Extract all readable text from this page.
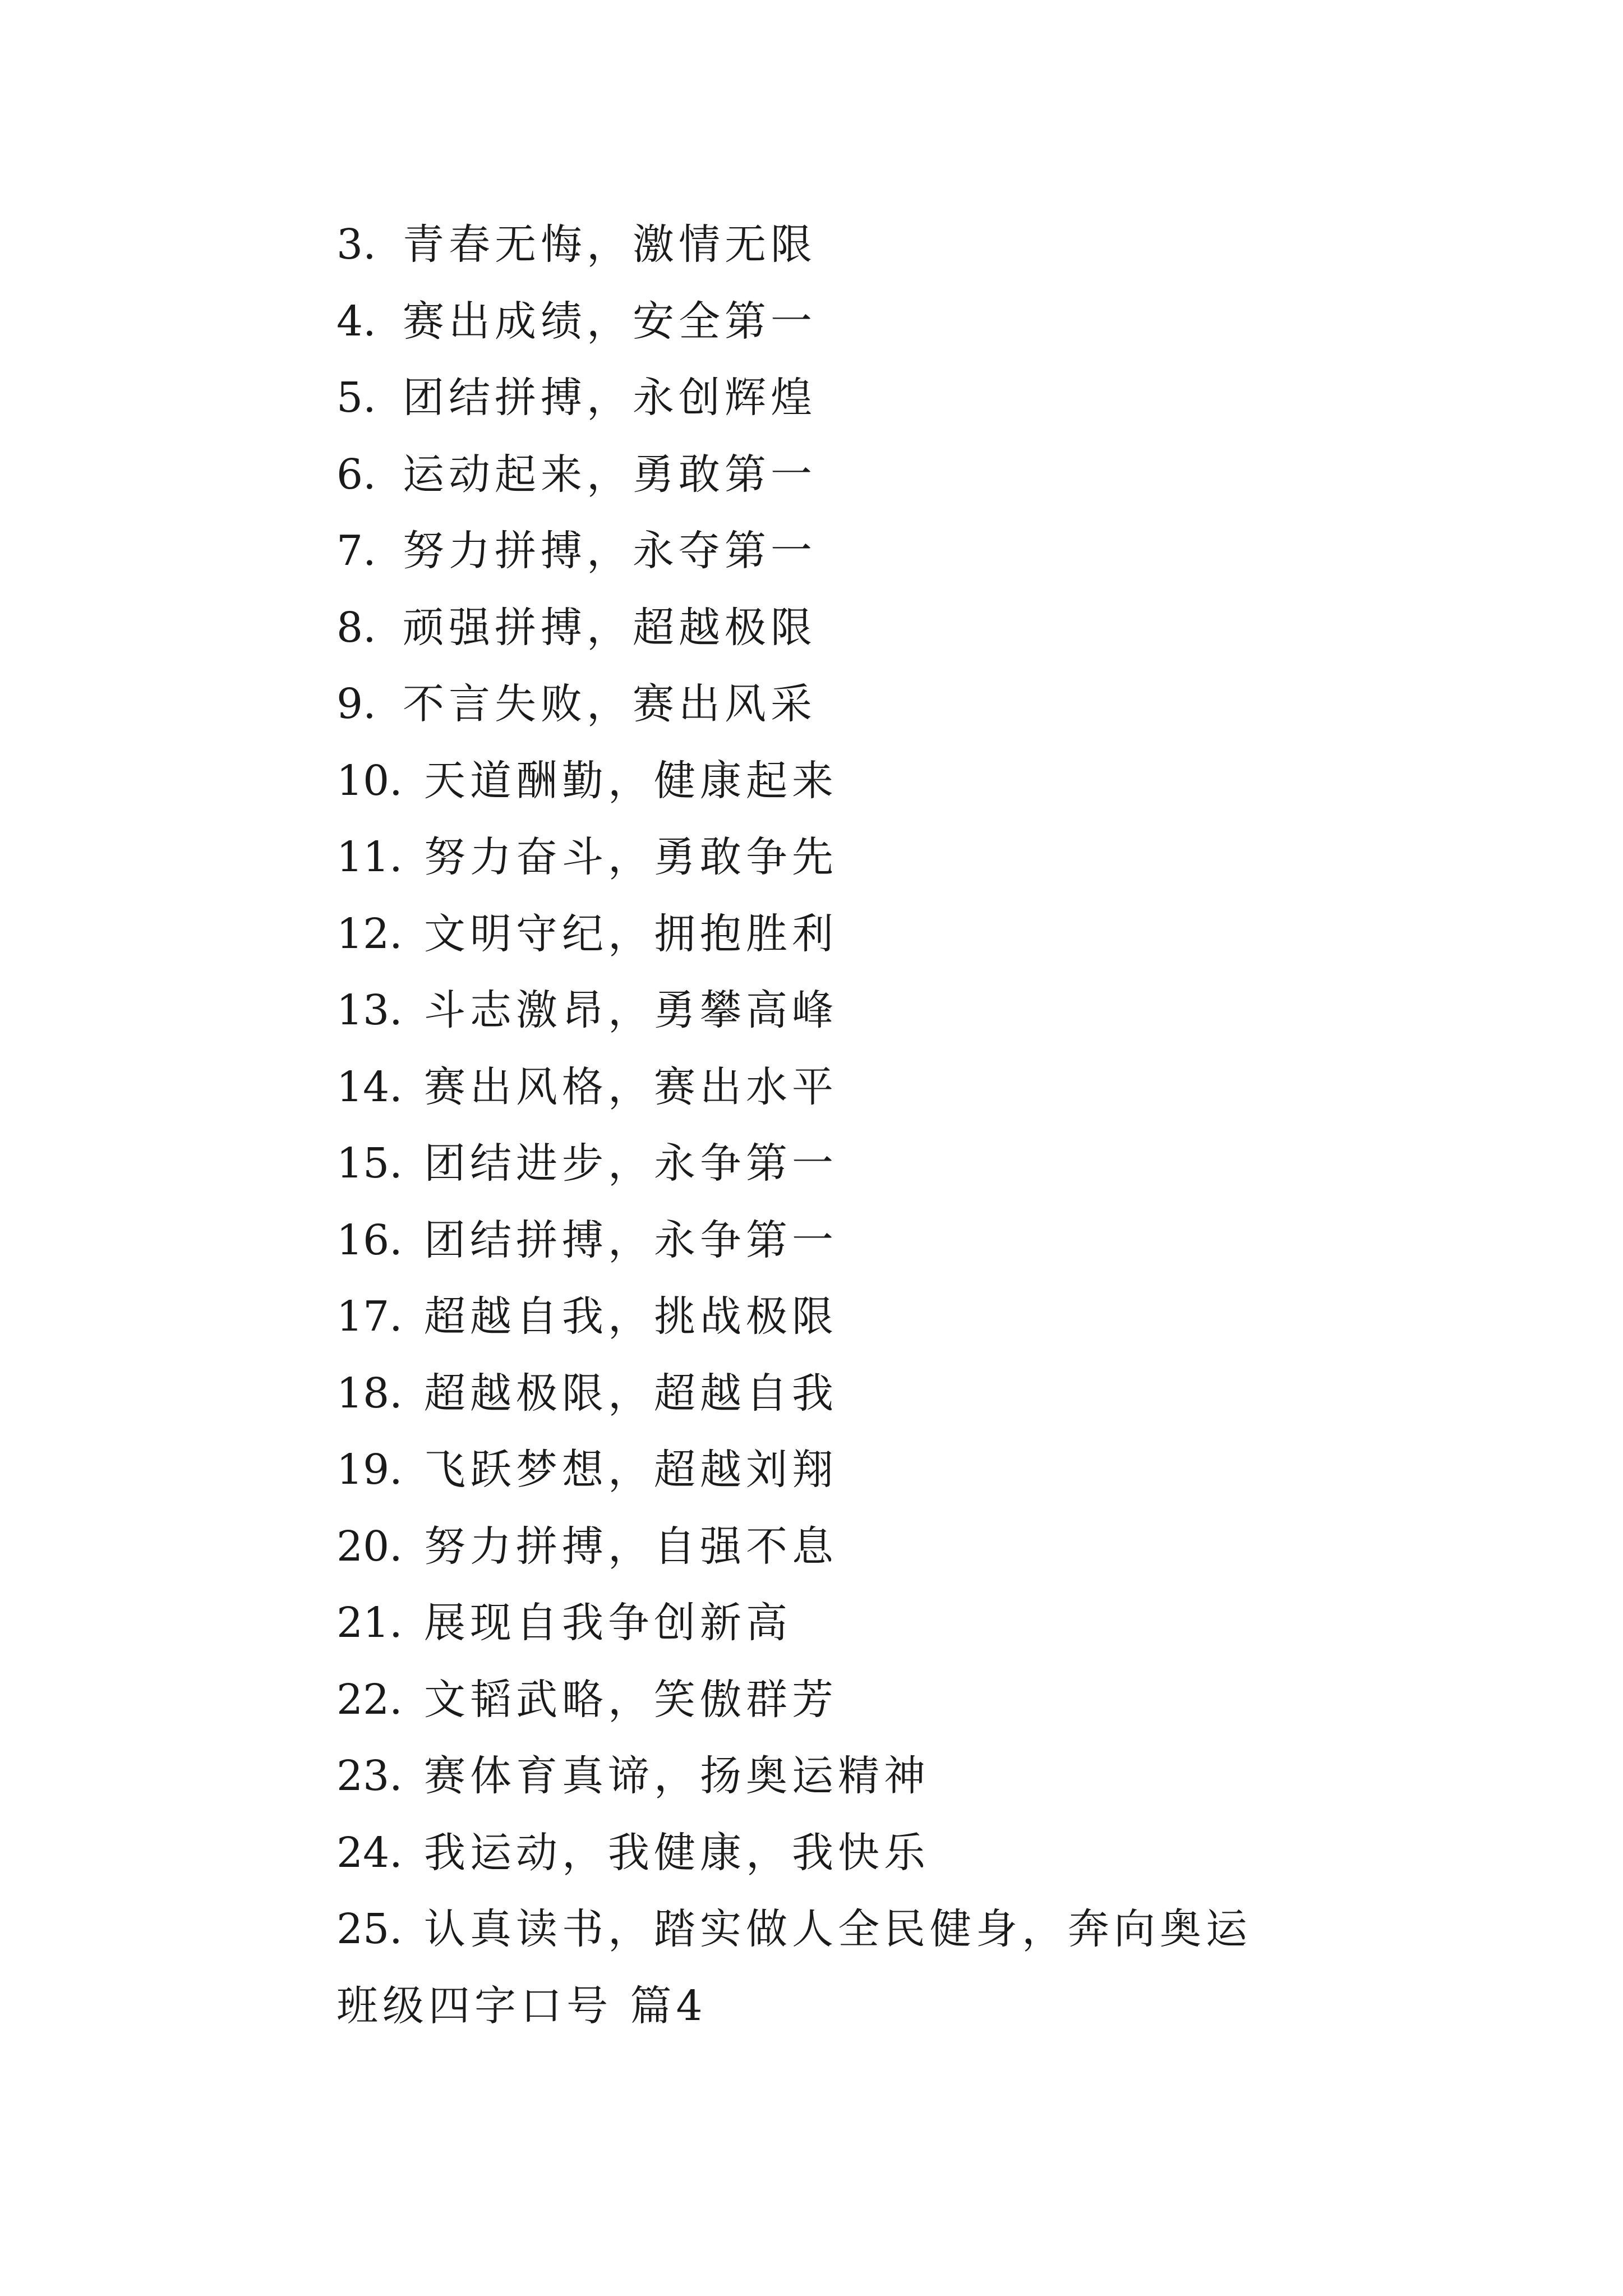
3. 青春无悔，激情无限
4. 赛出成绩，安全第一
5. 团结拼搏，永创辉煌
6. 运动起来，勇敢第一
7. 努力拼搏，永夺第一
8. 顽强拼搏，超越极限
9. 不言失败，赛出风采
10. 天道酬勤，健康起来
11. 努力奋斗，勇敢争先
12. 文明守纪，拥抱胜利
13. 斗志激昂，勇攀高峰
14. 赛出风格，赛出水平
15. 团结进步，永争第一
16. 团结拼搏，永争第一
17. 超越自我，挑战极限
18. 超越极限，超越自我
19. 飞跃梦想，超越刘翔
20. 努力拼搏，自强不息
21. 展现自我争创新高
22. 文韬武略，笑傲群芳
23. 赛体育真谛，扬奥运精神
24. 我运动，我健康，我快乐
25. 认真读书，踏实做人全民健身，奔向奥运
班级四字口号 篇4
